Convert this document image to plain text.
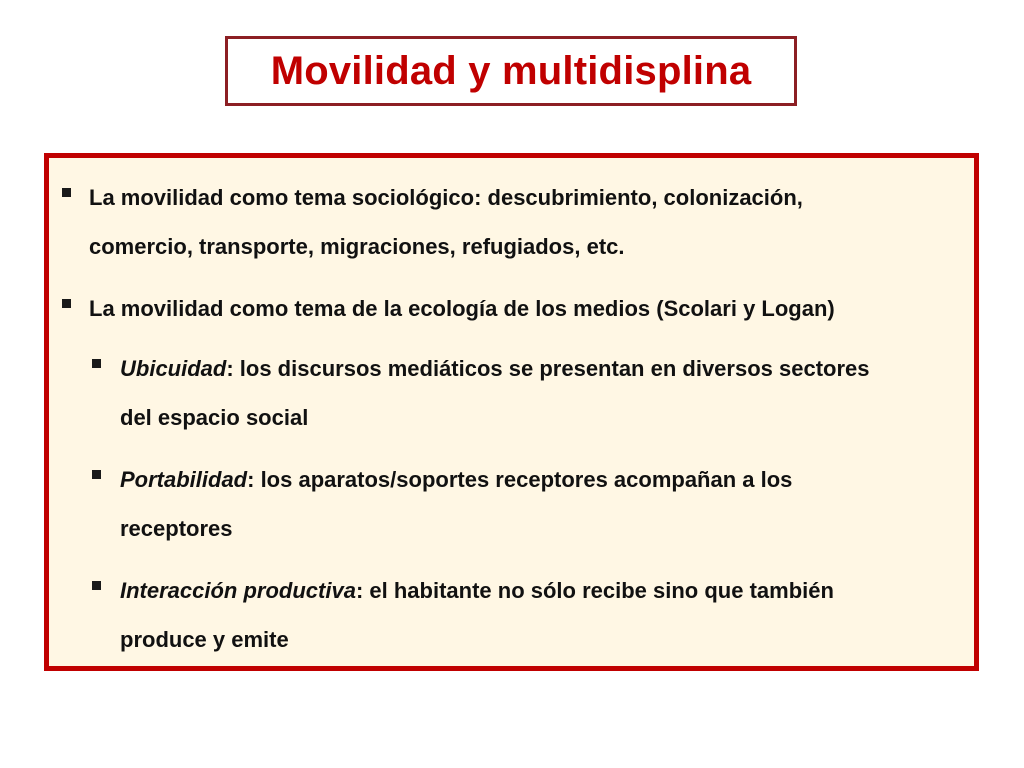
Movilidad y multidisplina
La movilidad como tema sociológico: descubrimiento, colonización,
comercio, transporte, migraciones, refugiados, etc.
La movilidad como tema de la ecología de los medios (Scolari y Logan)
Ubicuidad: los discursos mediáticos se presentan en diversos sectores
del espacio social
Portabilidad: los aparatos/soportes receptores acompañan a los
receptores
Interacción productiva: el habitante no sólo recibe sino que también
produce y emite
